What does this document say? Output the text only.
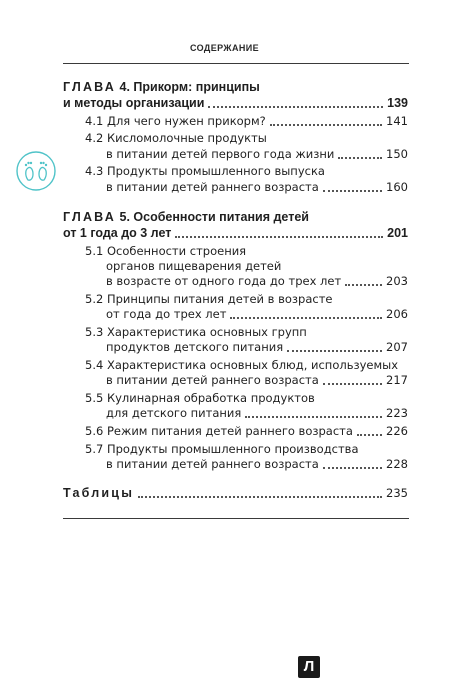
СОДЕРЖАНИЕ
ГЛАВА 4. Прикорм: принципы
и методы организации	139
4.1 Для чего нужен прикорм?	141
4.2 Кисломолочные продукты
в питании детей первого года жизни	150
4.3 Продукты промышленного выпуска
в питании детей раннего возраста	160
ГЛАВА 5. Особенности питания детей
от 1 года до 3 лет	201
5.1 Особенности строения
органов пищеварения детей
в возрасте от одного года до трех лет	203
5.2 Принципы питания детей в возрасте
от года до трех лет	206
5.3 Характеристика основных групп
продуктов детского питания	207
5.4 Характеристика основных блюд, используемых
в питании детей раннего возраста	217
5.5 Кулинарная обработка продуктов
для детского питания	223
5.6 Режим питания детей раннего возраста	226
5.7 Продукты промышленного производства
в питании детей раннего возраста	228
Таблицы	235
Л
